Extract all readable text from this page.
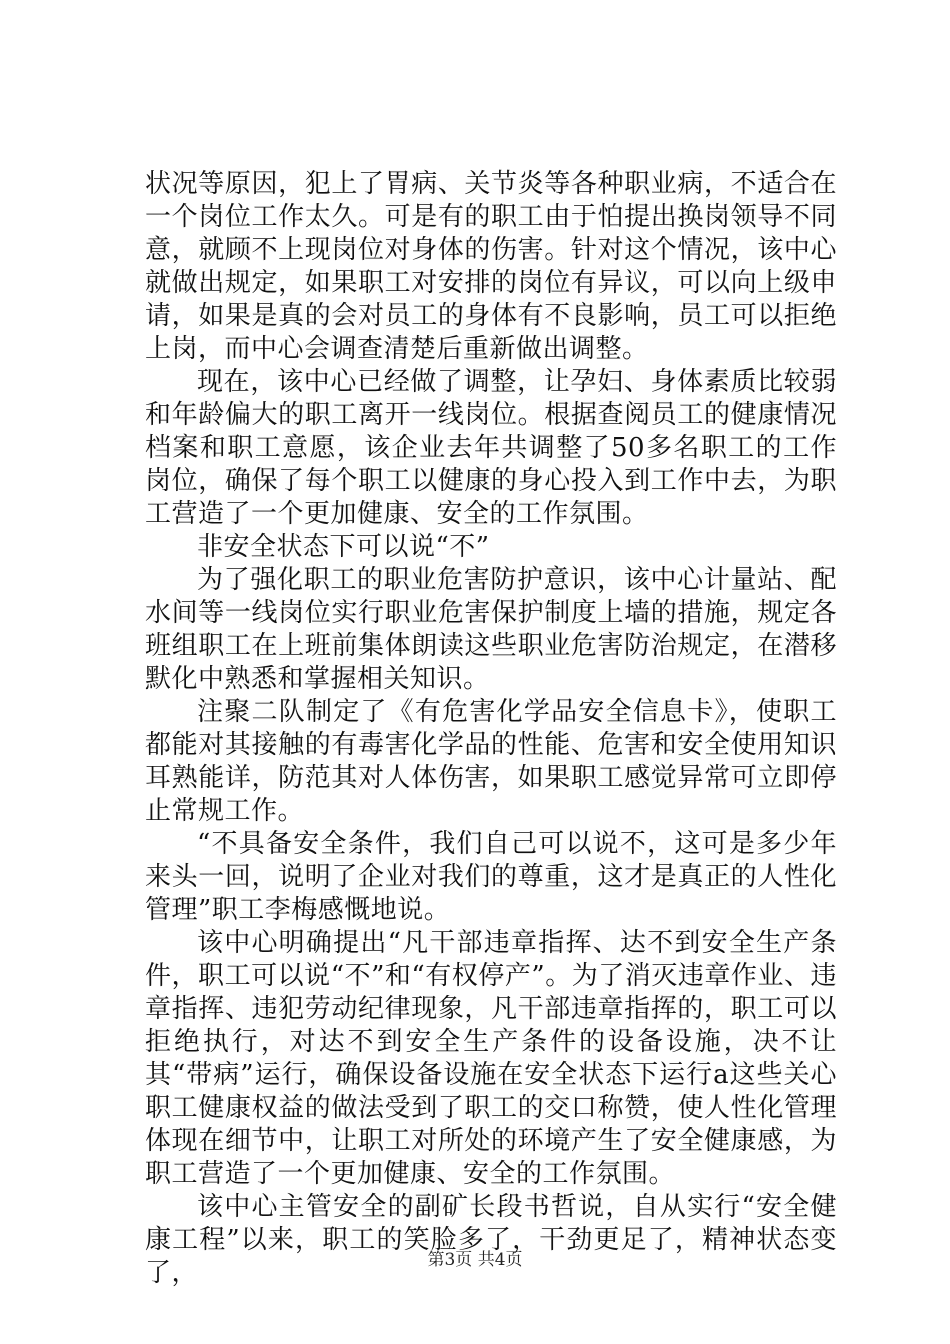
状况等原因，犯上了胃病、关节炎等各种职业病，不适合在一个岗位工作太久。可是有的职工由于怕提出换岗领导不同意，就顾不上现岗位对身体的伤害。针对这个情况，该中心就做出规定，如果职工对安排的岗位有异议，可以向上级申请，如果是真的会对员工的身体有不良影响，员工可以拒绝上岗，而中心会调查清楚后重新做出调整。

现在，该中心已经做了调整，让孕妇、身体素质比较弱和年龄偏大的职工离开一线岗位。根据查阅员工的健康情况档案和职工意愿，该企业去年共调整了50多名职工的工作岗位，确保了每个职工以健康的身心投入到工作中去，为职工营造了一个更加健康、安全的工作氛围。

非安全状态下可以说“不”

为了强化职工的职业危害防护意识，该中心计量站、配水间等一线岗位实行职业危害保护制度上墙的措施，规定各班组职工在上班前集体朗读这些职业危害防治规定，在潜移默化中熟悉和掌握相关知识。

注聚二队制定了《有危害化学品安全信息卡》，使职工都能对其接触的有毒害化学品的性能、危害和安全使用知识耳熟能详，防范其对人体伤害，如果职工感觉异常可立即停止常规工作。

“不具备安全条件，我们自己可以说不，这可是多少年来头一回，说明了企业对我们的尊重，这才是真正的人性化管理”职工李梅感慨地说。

该中心明确提出“凡干部违章指挥、达不到安全生产条件，职工可以说“不”和“有权停产”。为了消灭违章作业、违章指挥、违犯劳动纪律现象，凡干部违章指挥的，职工可以拒绝执行，对达不到安全生产条件的设备设施，决不让其“带病”运行，确保设备设施在安全状态下运行a这些关心职工健康权益的做法受到了职工的交口称赞，使人性化管理体现在细节中，让职工对所处的环境产生了安全健康感，为职工营造了一个更加健康、安全的工作氛围。

该中心主管安全的副矿长段书哲说，自从实行“安全健康工程”以来，职工的笑脸多了，干劲更足了，精神状态变了，	第3页 共4页
